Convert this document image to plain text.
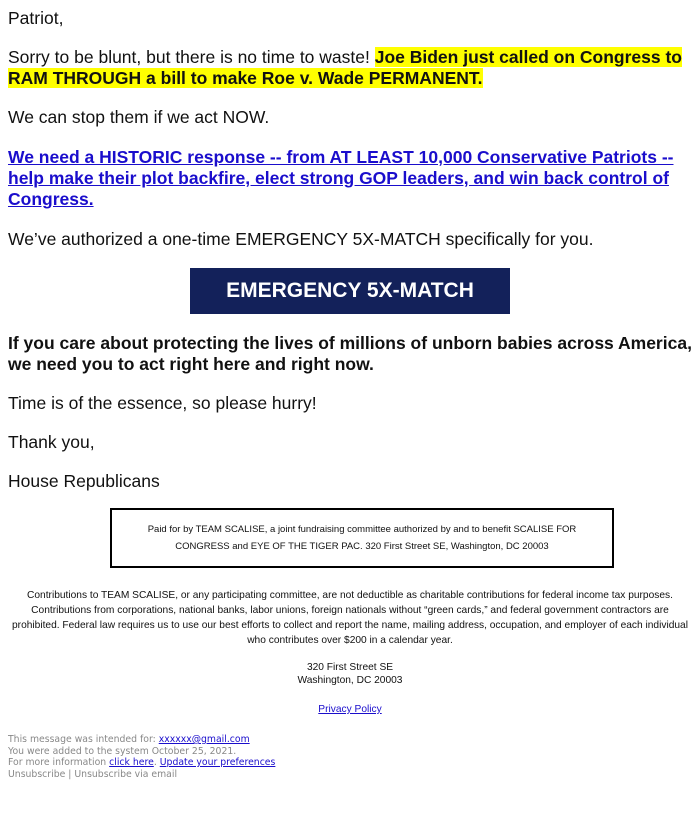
Patriot,

Sorry to be blunt, but there is no time to waste! Joe Biden just called on Congress to RAM THROUGH a bill to make Roe v. Wade PERMANENT.

We can stop them if we act NOW.

We need a HISTORIC response -- from AT LEAST 10,000 Conservative Patriots -- help make their plot backfire, elect strong GOP leaders, and win back control of Congress.

We’ve authorized a one-time EMERGENCY 5X-MATCH specifically for you.

EMERGENCY 5X-MATCH

If you care about protecting the lives of millions of unborn babies across America, we need you to act right here and right now.

Time is of the essence, so please hurry!

Thank you,

House Republicans

Paid for by TEAM SCALISE, a joint fundraising committee authorized by and to benefit SCALISE FOR CONGRESS and EYE OF THE TIGER PAC. 320 First Street SE, Washington, DC 20003
Contributions to TEAM SCALISE, or any participating committee, are not deductible as charitable contributions for federal income tax purposes. Contributions from corporations, national banks, labor unions, foreign nationals without “green cards,” and federal government contractors are prohibited. Federal law requires us to use our best efforts to collect and report the name, mailing address, occupation, and employer of each individual who contributes over $200 in a calendar year.
320 First Street SE
Washington, DC 20003
Privacy Policy
This message was intended for: xxxxxx@gmail.com
You were added to the system October 25, 2021.
For more information click here. Update your preferences
Unsubscribe | Unsubscribe via email
